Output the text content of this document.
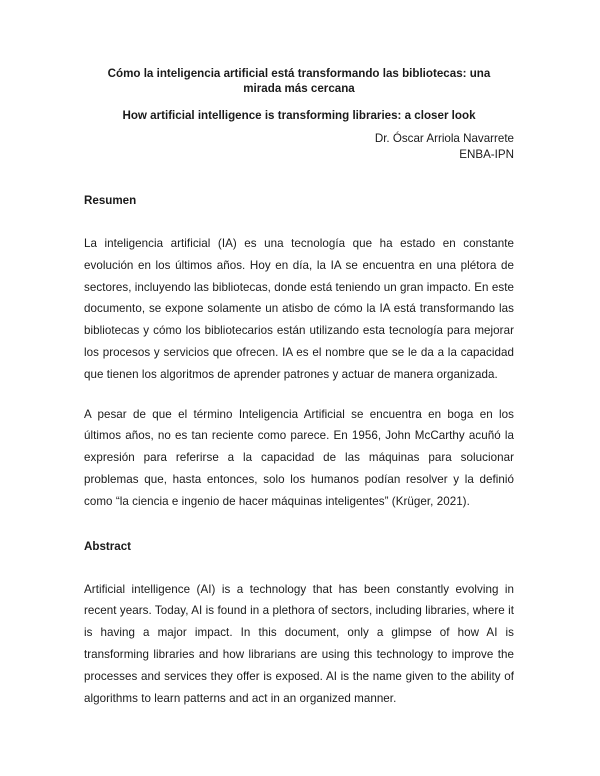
Cómo la inteligencia artificial está transformando las bibliotecas: una mirada más cercana
How artificial intelligence is transforming libraries: a closer look
Dr. Óscar Arriola Navarrete
ENBA-IPN
Resumen

La inteligencia artificial (IA) es una tecnología que ha estado en constante evolución en los últimos años. Hoy en día, la IA se encuentra en una plétora de sectores, incluyendo las bibliotecas, donde está teniendo un gran impacto. En este documento, se expone solamente un atisbo de cómo la IA está transformando las bibliotecas y cómo los bibliotecarios están utilizando esta tecnología para mejorar los procesos y servicios que ofrecen. IA es el nombre que se le da a la capacidad que tienen los algoritmos de aprender patrones y actuar de manera organizada.

A pesar de que el término Inteligencia Artificial se encuentra en boga en los últimos años, no es tan reciente como parece. En 1956, John McCarthy acuñó la expresión para referirse a la capacidad de las máquinas para solucionar problemas que, hasta entonces, solo los humanos podían resolver y la definió como “la ciencia e ingenio de hacer máquinas inteligentes” (Krüger, 2021).

Abstract

Artificial intelligence (AI) is a technology that has been constantly evolving in recent years. Today, AI is found in a plethora of sectors, including libraries, where it is having a major impact. In this document, only a glimpse of how AI is transforming libraries and how librarians are using this technology to improve the processes and services they offer is exposed. AI is the name given to the ability of algorithms to learn patterns and act in an organized manner.
